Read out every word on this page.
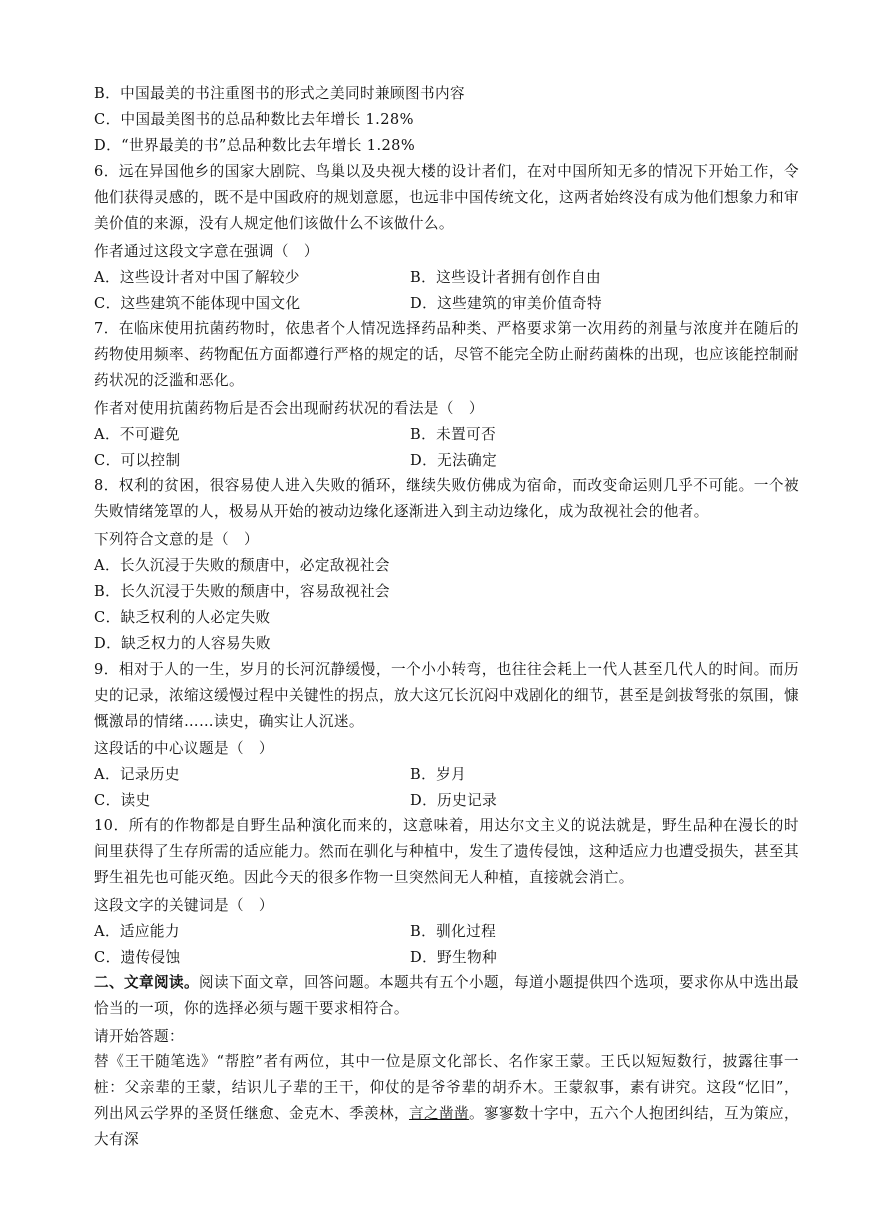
B．中国最美的书注重图书的形式之美同时兼顾图书内容
C．中国最美图书的总品种数比去年增长 1.28%
D．“世界最美的书”总品种数比去年增长 1.28%
6．远在异国他乡的国家大剧院、鸟巢以及央视大楼的设计者们，在对中国所知无多的情况下开始工作，令他们获得灵感的，既不是中国政府的规划意愿，也远非中国传统文化，这两者始终没有成为他们想象力和审美价值的来源，没有人规定他们该做什么不该做什么。
作者通过这段文字意在强调（　）
A．这些设计者对中国了解较少	B．这些设计者拥有创作自由
C．这些建筑不能体现中国文化	D．这些建筑的审美价值奇特
7．在临床使用抗菌药物时，依患者个人情况选择药品种类、严格要求第一次用药的剂量与浓度并在随后的药物使用频率、药物配伍方面都遵行严格的规定的话，尽管不能完全防止耐药菌株的出现，也应该能控制耐药状况的泛滥和恶化。
作者对使用抗菌药物后是否会出现耐药状况的看法是（　）
A．不可避免	B．未置可否
C．可以控制	D．无法确定
8．权利的贫困，很容易使人进入失败的循环，继续失败仿佛成为宿命，而改变命运则几乎不可能。一个被失败情绪笼罩的人，极易从开始的被动边缘化逐渐进入到主动边缘化，成为敌视社会的他者。
下列符合文意的是（　）
A．长久沉浸于失败的颓唐中，必定敌视社会
B．长久沉浸于失败的颓唐中，容易敌视社会
C．缺乏权利的人必定失败
D．缺乏权力的人容易失败
9．相对于人的一生，岁月的长河沉静缓慢，一个小小转弯，也往往会耗上一代人甚至几代人的时间。而历史的记录，浓缩这缓慢过程中关键性的拐点，放大这冗长沉闷中戏剧化的细节，甚至是剑拔弩张的氛围，慷慨激昂的情绪……读史，确实让人沉迷。
这段话的中心议题是（　）
A．记录历史	B．岁月
C．读史	D．历史记录
10．所有的作物都是自野生品种演化而来的，这意味着，用达尔文主义的说法就是，野生品种在漫长的时间里获得了生存所需的适应能力。然而在驯化与种植中，发生了遗传侵蚀，这种适应力也遭受损失，甚至其野生祖先也可能灭绝。因此今天的很多作物一旦突然间无人种植，直接就会消亡。
这段文字的关键词是（　）
A．适应能力	B．驯化过程
C．遗传侵蚀	D．野生物种
二、文章阅读。阅读下面文章，回答问题。本题共有五个小题，每道小题提供四个选项，要求你从中选出最恰当的一项，你的选择必须与题干要求相符合。
请开始答题：
替《王干随笔选》“帮腔”者有两位，其中一位是原文化部长、名作家王蒙。王氏以短短数行，披露往事一桩：父亲辈的王蒙，结识儿子辈的王干，仰仗的是爷爷辈的胡乔木。王蒙叙事，素有讲究。这段“忆旧”，列出风云学界的圣贤任继愈、金克木、季羡林，言之凿凿。寥寥数十字中，五六个人抱团纠结，互为策应，大有深
